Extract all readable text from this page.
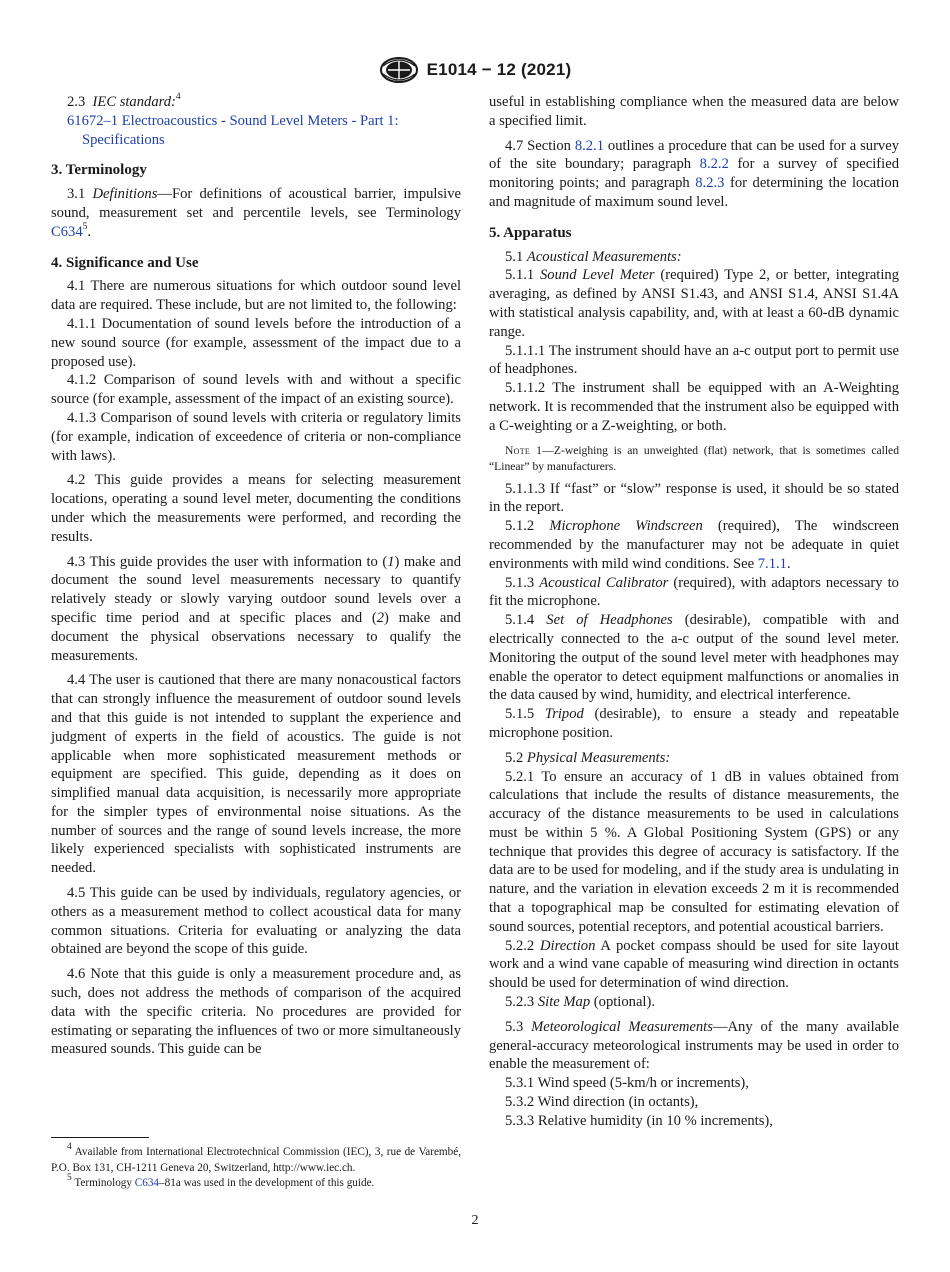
E1014 − 12 (2021)

2.3 IEC standard:$^4$

61672–1 Electroacoustics - Sound Level Meters - Part 1:

Specifications

3. Terminology

3.1 Definitions—For definitions of acoustical barrier, impulsive sound, measurement set and percentile levels, see Terminology $C634^5$.

4. Significance and Use

4.1 There are numerous situations for which outdoor sound level data are required. These include, but are not limited to, the following:

4.1.1 Documentation of sound levels before the introduction of a new sound source (for example, assessment of the impact due to a proposed use).

4.1.2 Comparison of sound levels with and without a specific source (for example, assessment of the impact of an existing source).

4.1.3 Comparison of sound levels with criteria or regulatory limits (for example, indication of exceedence of criteria or non-compliance with laws).

4.2 This guide provides a means for selecting measurement locations, operating a sound level meter, documenting the conditions under which the measurements were performed, and recording the results.

4.3 This guide provides the user with information to (1) make and document the sound level measurements necessary to quantify relatively steady or slowly varying outdoor sound levels over a specific time period and at specific places and (2) make and document the physical observations necessary to qualify the measurements.

4.4 The user is cautioned that there are many nonacoustical factors that can strongly influence the measurement of outdoor sound levels and that this guide is not intended to supplant the experience and judgment of experts in the field of acoustics. The guide is not applicable when more sophisticated measurement methods or equipment are specified. This guide, depending as it does on simplified manual data acquisition, is necessarily more appropriate for the simpler types of environmental noise situations. As the number of sources and the range of sound levels increase, the more likely experienced specialists with sophisticated instruments are needed.

4.5 This guide can be used by individuals, regulatory agencies, or others as a measurement method to collect acoustical data for many common situations. Criteria for evaluating or analyzing the data obtained are beyond the scope of this guide.

4.6 Note that this guide is only a measurement procedure and, as such, does not address the methods of comparison of the acquired data with the specific criteria. No procedures are provided for estimating or separating the influences of two or more simultaneously measured sounds. This guide can be

useful in establishing compliance when the measured data are below a specified limit.

4.7 Section 8.2.1 outlines a procedure that can be used for a survey of the site boundary; paragraph 8.2.2 for a survey of specified monitoring points; and paragraph 8.2.3 for determining the location and magnitude of maximum sound level.

5. Apparatus

5.1 Acoustical Measurements:

5.1.1 Sound Level Meter (required) Type 2, or better, integrating averaging, as defined by ANSI S1.43, and ANSI S1.4, ANSI S1.4A with statistical analysis capability, and, with at least a 60-dB dynamic range.

5.1.1.1 The instrument should have an a-c output port to permit use of headphones.

5.1.1.2 The instrument shall be equipped with an A-Weighting network. It is recommended that the instrument also be equipped with a C-weighting or a Z-weighting, or both.

Note 1—Z-weighing is an unweighted (flat) network, that is sometimes called “Linear” by manufacturers.

5.1.1.3 If “fast” or “slow” response is used, it should be so stated in the report.

5.1.2 Microphone Windscreen (required), The windscreen recommended by the manufacturer may not be adequate in quiet environments with mild wind conditions. See 7.1.1.

5.1.3 Acoustical Calibrator (required), with adaptors necessary to fit the microphone.

5.1.4 Set of Headphones (desirable), compatible with and electrically connected to the a-c output of the sound level meter. Monitoring the output of the sound level meter with headphones may enable the operator to detect equipment malfunctions or anomalies in the data caused by wind, humidity, and electrical interference.

5.1.5 Tripod (desirable), to ensure a steady and repeatable microphone position.

5.2 Physical Measurements:

5.2.1 To ensure an accuracy of 1 dB in values obtained from calculations that include the results of distance measurements, the accuracy of the distance measurements to be used in calculations must be within 5 %. A Global Positioning System (GPS) or any technique that provides this degree of accuracy is satisfactory. If the data are to be used for modeling, and if the study area is undulating in nature, and the variation in elevation exceeds 2 m it is recommended that a topographical map be consulted for estimating elevation of sound sources, potential receptors, and potential acoustical barriers.

5.2.2 Direction A pocket compass should be used for site layout work and a wind vane capable of measuring wind direction in octants should be used for determination of wind direction.

5.2.3 Site Map (optional).

5.3 Meteorological Measurements—Any of the many available general-accuracy meteorological instruments may be used in order to enable the measurement of:

5.3.1 Wind speed (5-km/h or increments),

5.3.2 Wind direction (in octants),

5.3.3 Relative humidity (in 10 % increments),

$^4$ Available from International Electrotechnical Commission (IEC), 3, rue de Varembé, P.O. Box 131, CH-1211 Geneva 20, Switzerland, http://www.iec.ch.

$^5$ Terminology C634–81a was used in the development of this guide.

2
